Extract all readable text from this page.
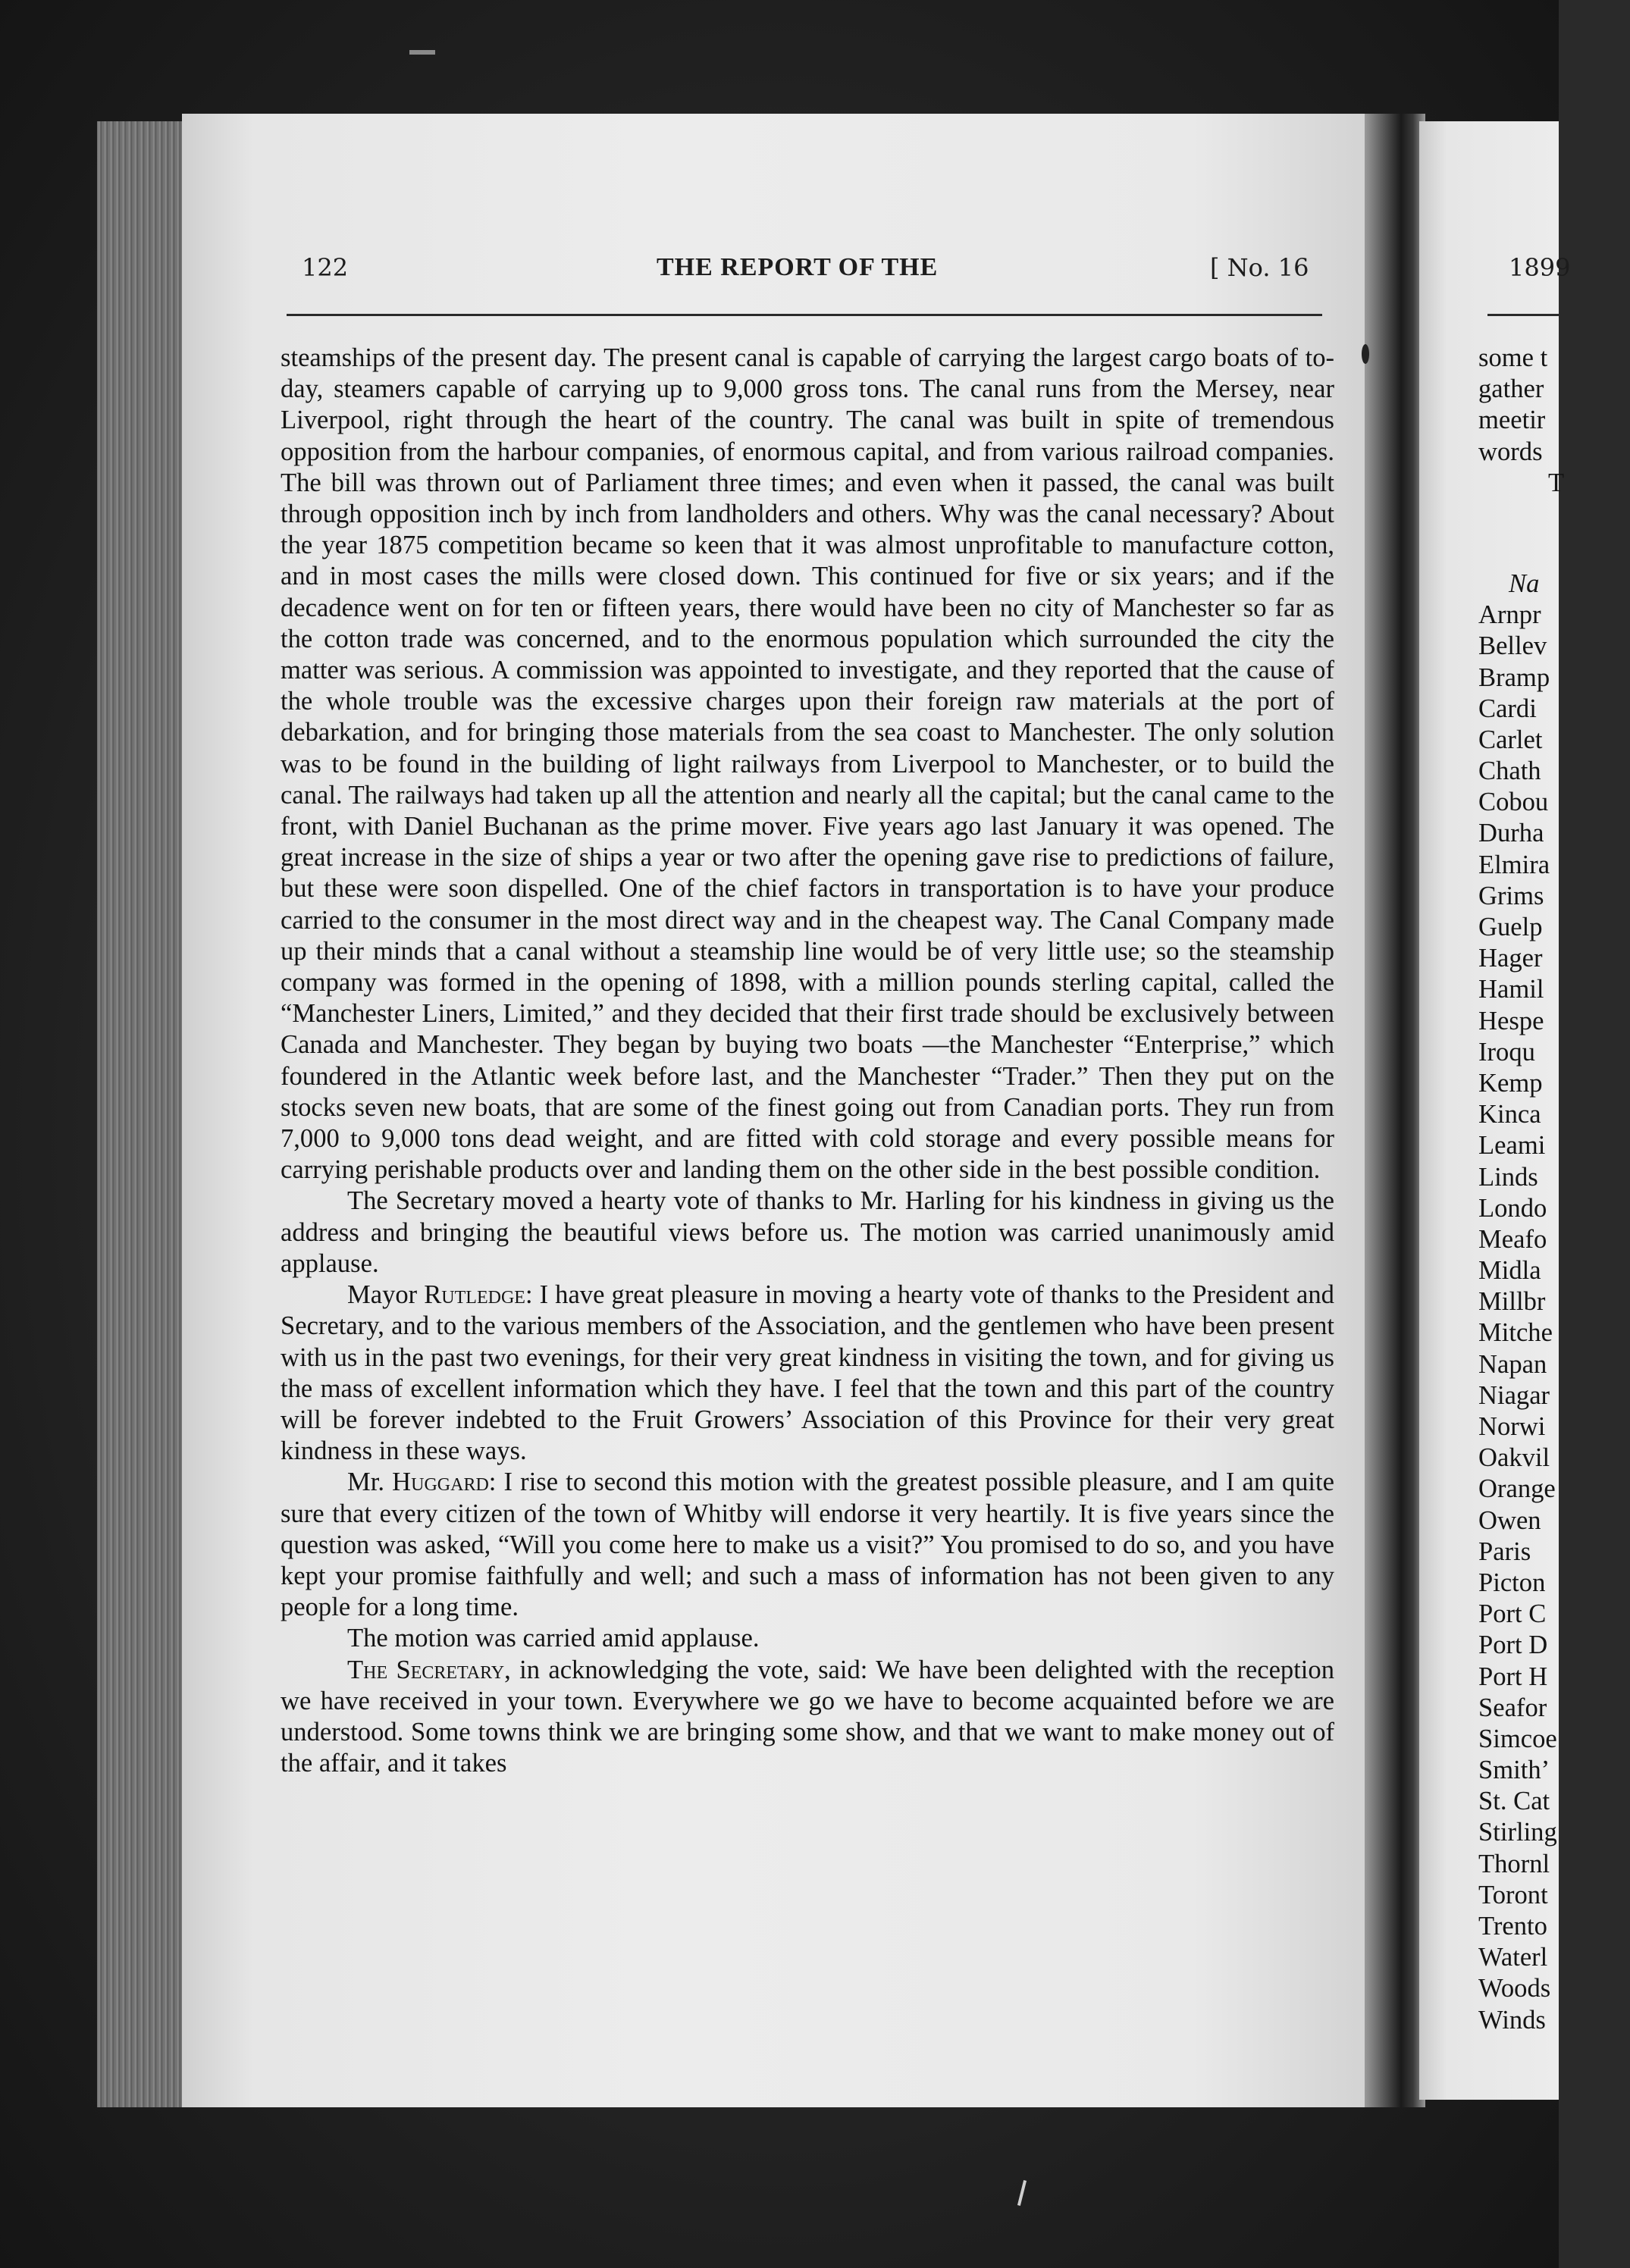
122	THE REPORT OF THE	[ No. 16

steamships of the present day. The present canal is capable of carrying the largest cargo boats of to-day, steamers capable of carrying up to 9,000 gross tons. The canal runs from the Mersey, near Liverpool, right through the heart of the country. The canal was built in spite of tremendous opposition from the harbour companies, of enormous capital, and from various railroad companies. The bill was thrown out of Parliament three times; and even when it passed, the canal was built through opposition inch by inch from landholders and others. Why was the canal necessary? About the year 1875 competition became so keen that it was almost unprofitable to manufacture cotton, and in most cases the mills were closed down. This continued for five or six years; and if the decadence went on for ten or fifteen years, there would have been no city of Manchester so far as the cotton trade was concerned, and to the enormous population which surrounded the city the matter was serious. A commission was appointed to investigate, and they reported that the cause of the whole trouble was the excessive charges upon their foreign raw materials at the port of debarkation, and for bringing those materials from the sea coast to Manchester. The only solution was to be found in the building of light railways from Liverpool to Manchester, or to build the canal. The railways had taken up all the attention and nearly all the capital; but the canal came to the front, with Daniel Buchanan as the prime mover. Five years ago last January it was opened. The great increase in the size of ships a year or two after the opening gave rise to predictions of failure, but these were soon dispelled. One of the chief factors in transportation is to have your produce carried to the consumer in the most direct way and in the cheapest way. The Canal Company made up their minds that a canal without a steamship line would be of very little use; so the steamship company was formed in the opening of 1898, with a million pounds sterling capital, called the “Manchester Liners, Limited,” and they decided that their first trade should be exclusively between Canada and Manchester. They began by buying two boats —the Manchester “Enterprise,” which foundered in the Atlantic week before last, and the Manchester “Trader.” Then they put on the stocks seven new boats, that are some of the finest going out from Canadian ports. They run from 7,000 to 9,000 tons dead weight, and are fitted with cold storage and every possible means for carrying perishable products over and landing them on the other side in the best possible condition.

The Secretary moved a hearty vote of thanks to Mr. Harling for his kindness in giving us the address and bringing the beautiful views before us. The motion was carried unanimously amid applause.

Mayor Rutledge: I have great pleasure in moving a hearty vote of thanks to the President and Secretary, and to the various members of the Association, and the gentlemen who have been present with us in the past two evenings, for their very great kindness in visiting the town, and for giving us the mass of excellent information which they have. I feel that the town and this part of the country will be forever indebted to the Fruit Growers’ Association of this Province for their very great kindness in these ways.

Mr. Huggard: I rise to second this motion with the greatest possible pleasure, and I am quite sure that every citizen of the town of Whitby will endorse it very heartily. It is five years since the question was asked, “Will you come here to make us a visit?” You promised to do so, and you have kept your promise faithfully and well; and such a mass of information has not been given to any people for a long time.

The motion was carried amid applause.

The Secretary, in acknowledging the vote, said: We have been delighted with the reception we have received in your town. Everywhere we go we have to become acquainted before we are understood. Some towns think we are bringing some show, and that we want to make money out of the affair, and it takes

1899
some t
gather
meetir
words
T
Na
Arnpr
Bellev
Bramp
Cardi
Carlet
Chath
Cobou
Durha
Elmira
Grims
Guelp
Hager
Hamil
Hespe
Iroqu
Kemp
Kinca
Leami
Linds
Londo
Meafo
Midla
Millbr
Mitche
Napan
Niagar
Norwi
Oakvil
Orange
Owen
Paris
Picton
Port C
Port D
Port H
Seafor
Simcoe
Smith’
St. Cat
Stirling
Thornl
Toront
Trento
Waterl
Woods
Winds
